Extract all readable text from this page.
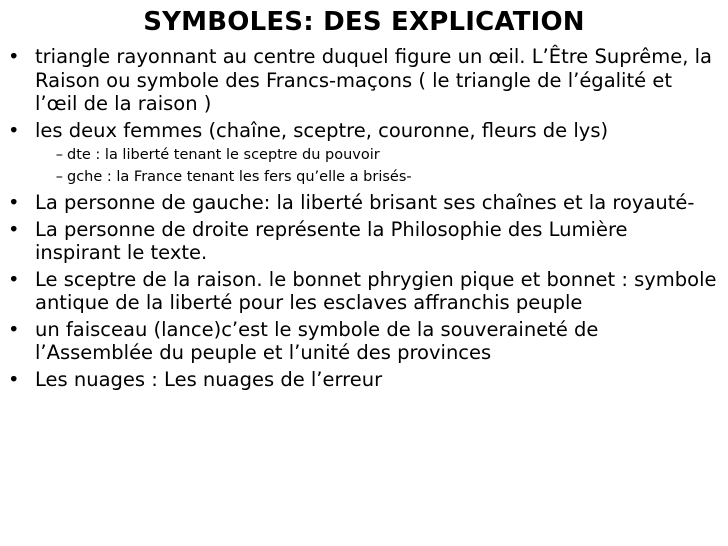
SYMBOLES: DES EXPLICATION
• triangle rayonnant au centre duquel figure un œil. L’Être Suprême, la Raison ou symbole des Francs-maçons ( le triangle de l’égalité et l’œil de la raison )
• les deux femmes (chaîne, sceptre, couronne, fleurs de lys)
– dte : la liberté tenant le sceptre du pouvoir
– gche : la France tenant les fers qu’elle a brisés-
• La personne de gauche: la liberté brisant ses chaînes et la royauté-
• La personne de droite représente la Philosophie des Lumière inspirant le texte.
• Le sceptre de la raison. le bonnet phrygien pique et bonnet : symbole antique de la liberté pour les esclaves affranchis peuple
• un faisceau (lance)c’est le symbole de la souveraineté de l’Assemblée du peuple et l’unité des provinces
• Les nuages : Les nuages de l’erreur
